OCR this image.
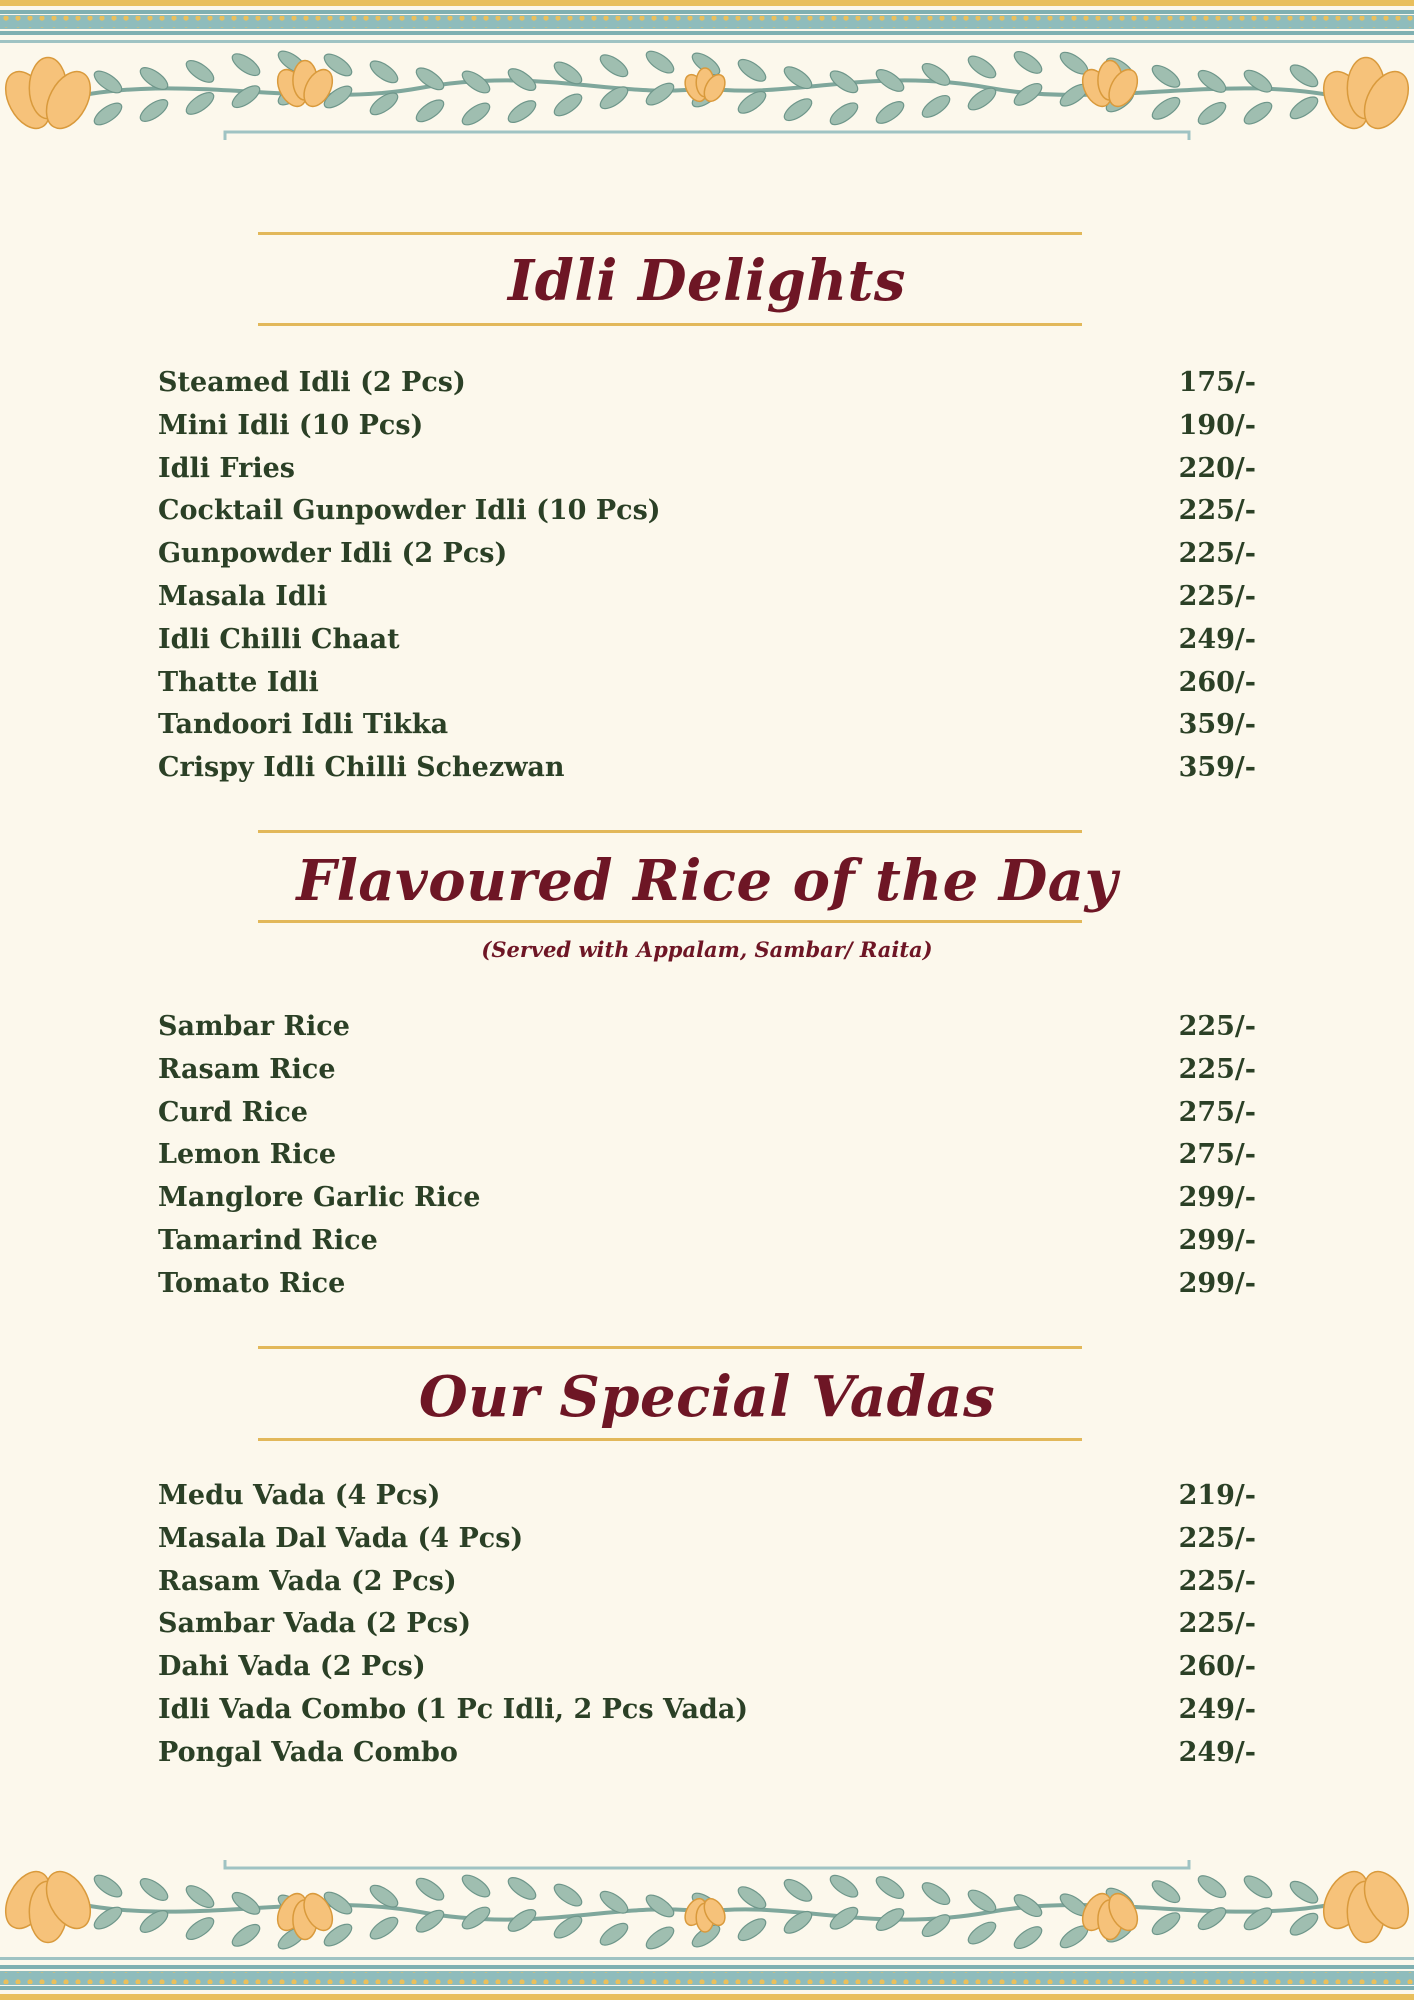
Idli Delights
Steamed Idli (2 Pcs)	175/-
Mini Idli (10 Pcs)	190/-
Idli Fries	220/-
Cocktail Gunpowder Idli (10 Pcs)	225/-
Gunpowder Idli (2 Pcs)	225/-
Masala Idli	225/-
Idli Chilli Chaat	249/-
Thatte Idli	260/-
Tandoori Idli Tikka	359/-
Crispy Idli Chilli Schezwan	359/-
Flavoured Rice of the Day
(Served with Appalam, Sambar/ Raita)
Sambar Rice	225/-
Rasam Rice	225/-
Curd Rice	275/-
Lemon Rice	275/-
Manglore Garlic Rice	299/-
Tamarind Rice	299/-
Tomato Rice	299/-
Our Special Vadas
Medu Vada (4 Pcs)	219/-
Masala Dal Vada (4 Pcs)	225/-
Rasam Vada (2 Pcs)	225/-
Sambar Vada (2 Pcs)	225/-
Dahi Vada (2 Pcs)	260/-
Idli Vada Combo (1 Pc Idli, 2 Pcs Vada)	249/-
Pongal Vada Combo	249/-
